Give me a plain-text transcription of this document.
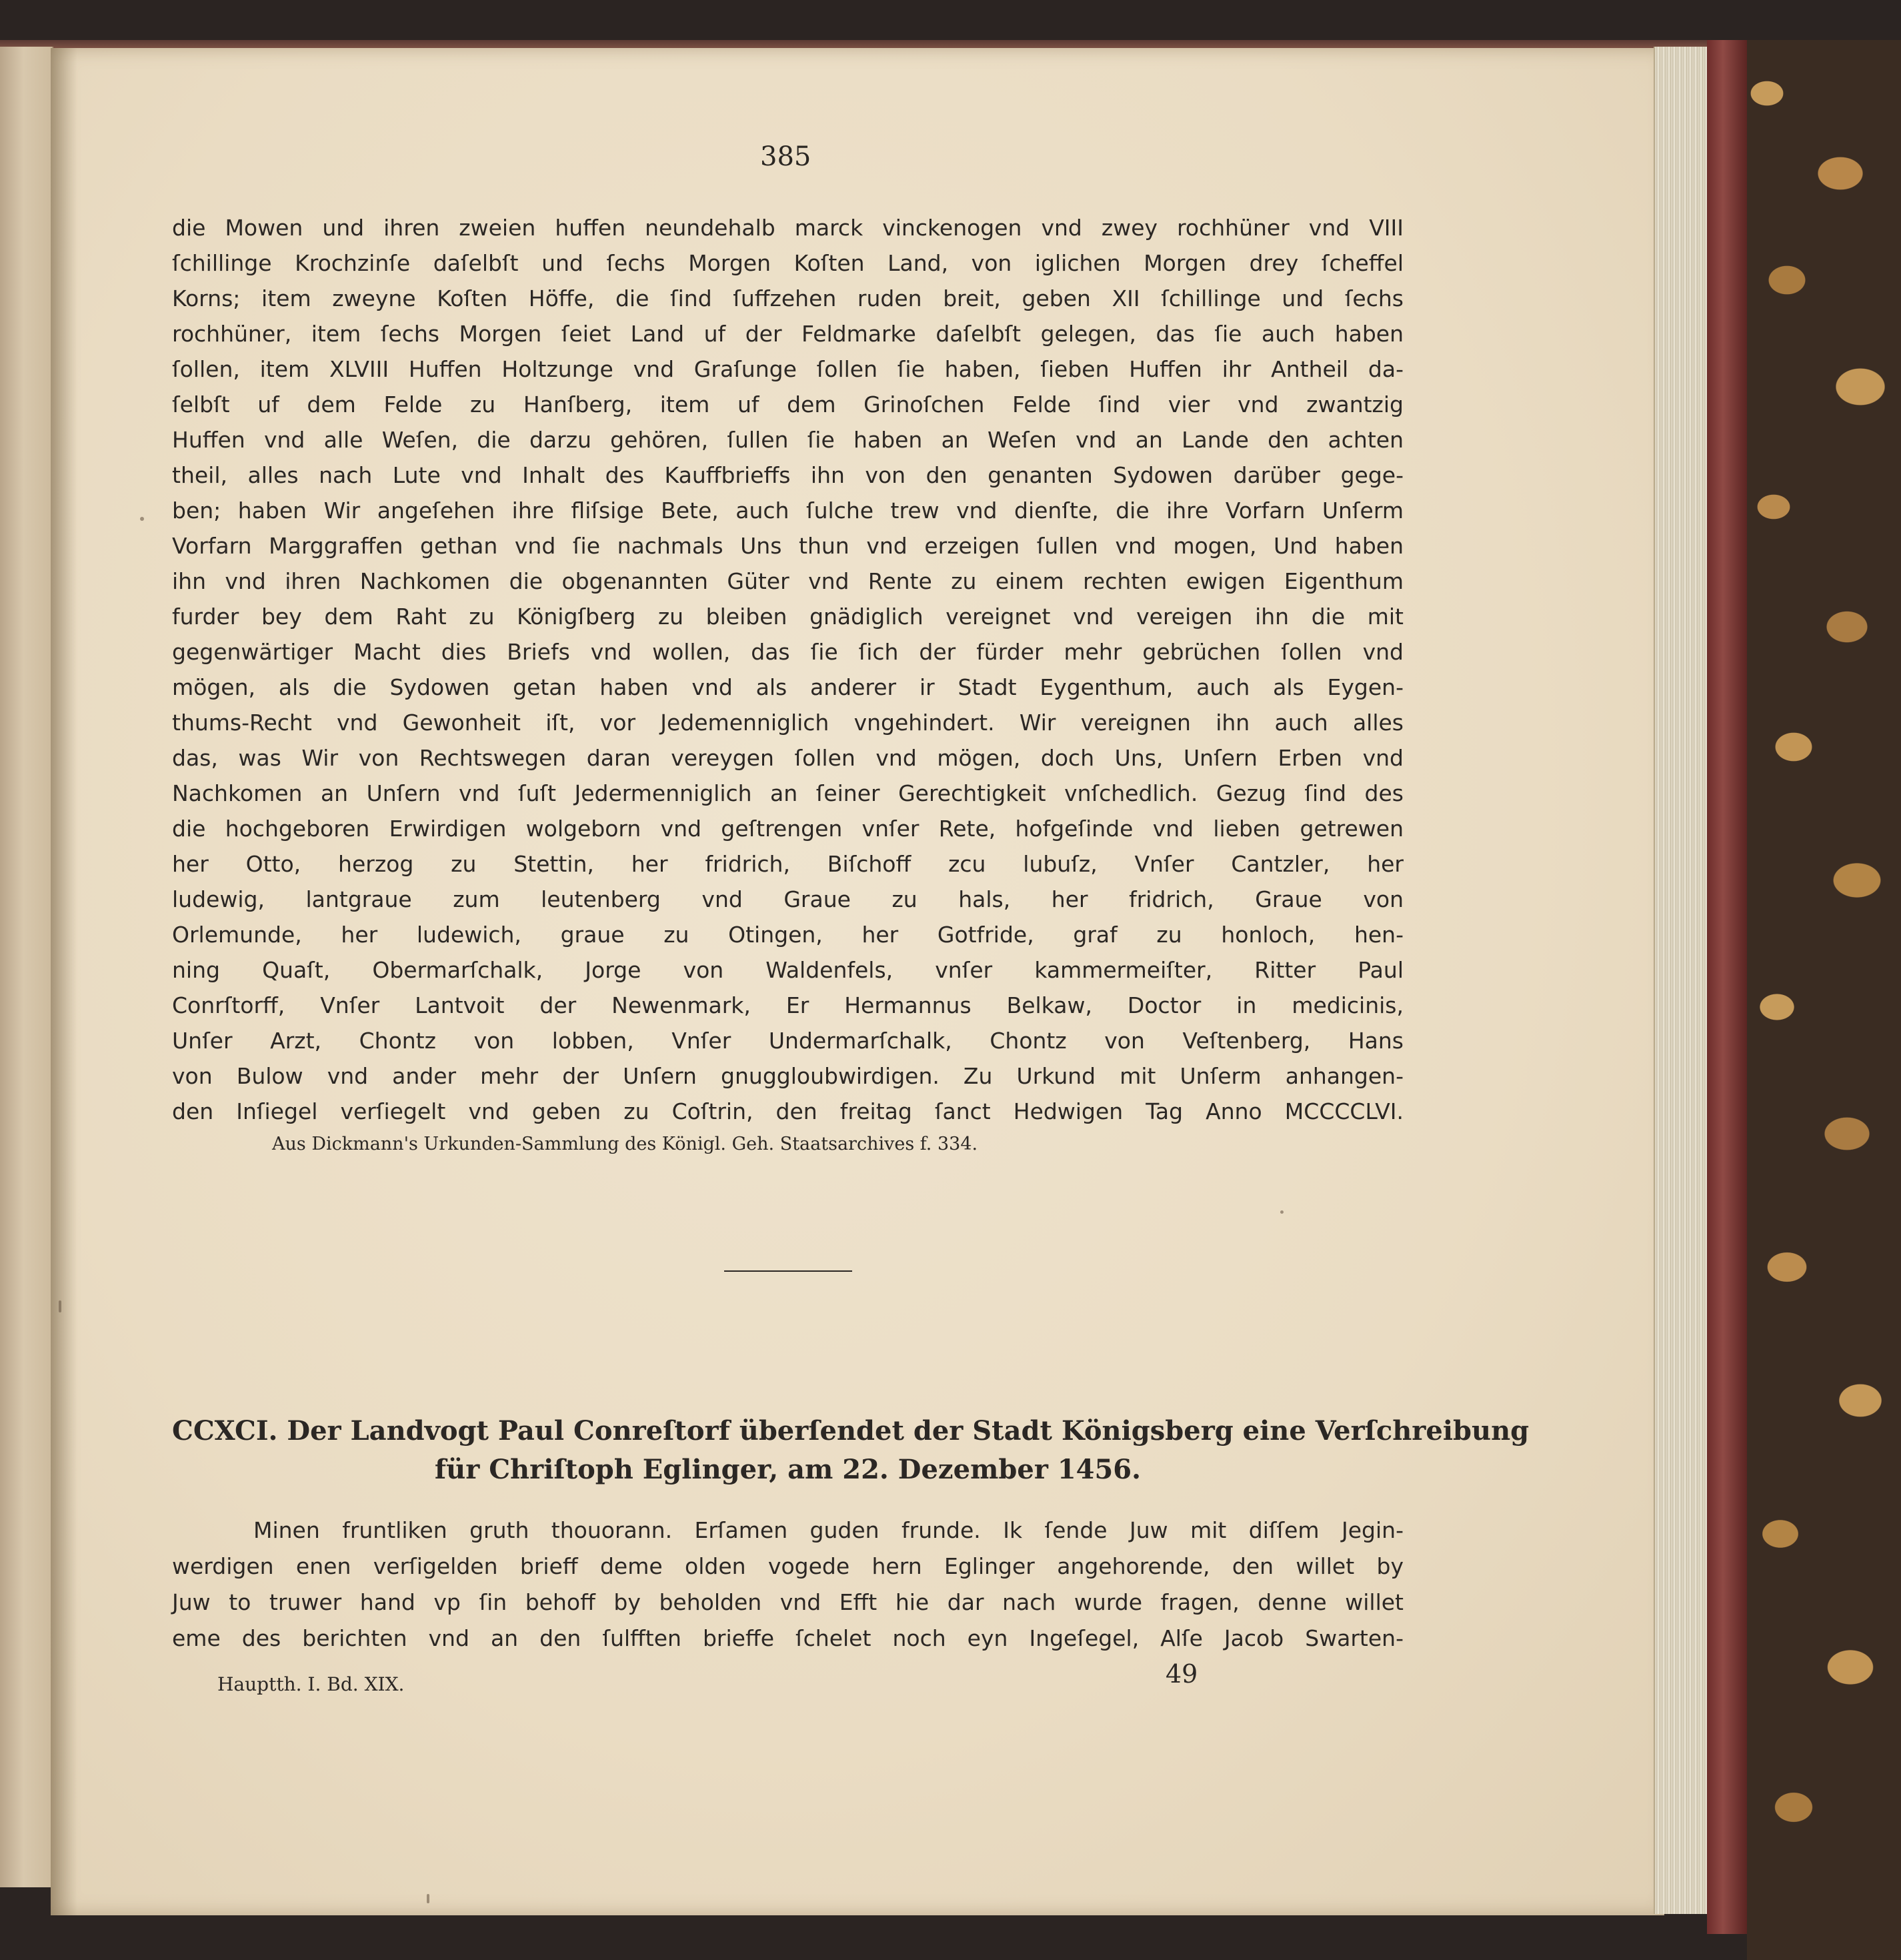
385
die Mowen und ihren zweien huffen neundehalb marck vinckenogen vnd zwey rochhüner vnd VIII
ſchillinge Krochzinſe daſelbſt und ſechs Morgen Koſten Land, von iglichen Morgen drey ſcheffel
Korns; item zweyne Koſten Höffe, die ſind ſuffzehen ruden breit, geben XII ſchillinge und ſechs
rochhüner, item ſechs Morgen ſeiet Land uf der Feldmarke daſelbſt gelegen, das ſie auch haben
ſollen, item XLVIII Huffen Holtzunge vnd Graſunge ſollen ſie haben, ſieben Huffen ihr Antheil da-
ſelbſt uf dem Felde zu Hanſberg, item uf dem Grinoſchen Felde ſind vier vnd zwantzig
Huffen vnd alle Weſen, die darzu gehören, ſullen ſie haben an Weſen vnd an Lande den achten
theil, alles nach Lute vnd Inhalt des Kauffbrieffs ihn von den genanten Sydowen darüber gege-
ben; haben Wir angeſehen ihre fliſsige Bete, auch ſulche trew vnd dienſte, die ihre Vorfarn Unſerm
Vorfarn Marggraffen gethan vnd ſie nachmals Uns thun vnd erzeigen ſullen vnd mogen, Und haben
ihn vnd ihren Nachkomen die obgenannten Güter vnd Rente zu einem rechten ewigen Eigenthum
furder bey dem Raht zu Königſberg zu bleiben gnädiglich vereignet vnd vereigen ihn die mit
gegenwärtiger Macht dies Briefs vnd wollen, das ſie ſich der fürder mehr gebrüchen ſollen vnd
mögen, als die Sydowen getan haben vnd als anderer ir Stadt Eygenthum, auch als Eygen-
thums-Recht vnd Gewonheit iſt, vor Jedemenniglich vngehindert. Wir vereignen ihn auch alles
das, was Wir von Rechtswegen daran vereygen ſollen vnd mögen, doch Uns, Unſern Erben vnd
Nachkomen an Unſern vnd ſuſt Jedermenniglich an ſeiner Gerechtigkeit vnſchedlich. Gezug ſind des
die hochgeboren Erwirdigen wolgeborn vnd geſtrengen vnſer Rete, hofgeſinde vnd lieben getrewen
her Otto, herzog zu Stettin, her fridrich, Biſchoff zcu lubuſz, Vnſer Cantzler, her
ludewig, lantgraue zum leutenberg vnd Graue zu hals, her fridrich, Graue von
Orlemunde, her ludewich, graue zu Otingen, her Gotfride, graf zu honloch, hen-
ning Quaſt, Obermarſchalk, Jorge von Waldenfels, vnſer kammermeiſter, Ritter Paul
Conrſtorff, Vnſer Lantvoit der Newenmark, Er Hermannus Belkaw, Doctor in medicinis,
Unſer Arzt, Chontz von lobben, Vnſer Undermarſchalk, Chontz von Veſtenberg, Hans
von Bulow vnd ander mehr der Unſern gnuggloubwirdigen. Zu Urkund mit Unſerm anhangen-
den Inſiegel verſiegelt vnd geben zu Coſtrin, den freitag ſanct Hedwigen Tag Anno MCCCCLVI.
Aus Dickmann's Urkunden-Sammlung des Königl. Geh. Staatsarchives f. 334.
CCXCI. Der Landvogt Paul Conreſtorf überſendet der Stadt Königsberg eine Verſchreibung
für Chriſtoph Eglinger, am 22. Dezember 1456.
Minen fruntliken gruth thouorann. Erſamen guden frunde. Ik ſende Juw mit diſſem Jegin-
werdigen enen verſigelden brieff deme olden vogede hern Eglinger angehorende, den willet by
Juw to truwer hand vp ſin behoff by beholden vnd Efft hie dar nach wurde fragen, denne willet
eme des berichten vnd an den ſulfften brieffe ſchelet noch eyn Ingeſegel, Alſe Jacob Swarten-
Hauptth. I. Bd. XIX.	49
